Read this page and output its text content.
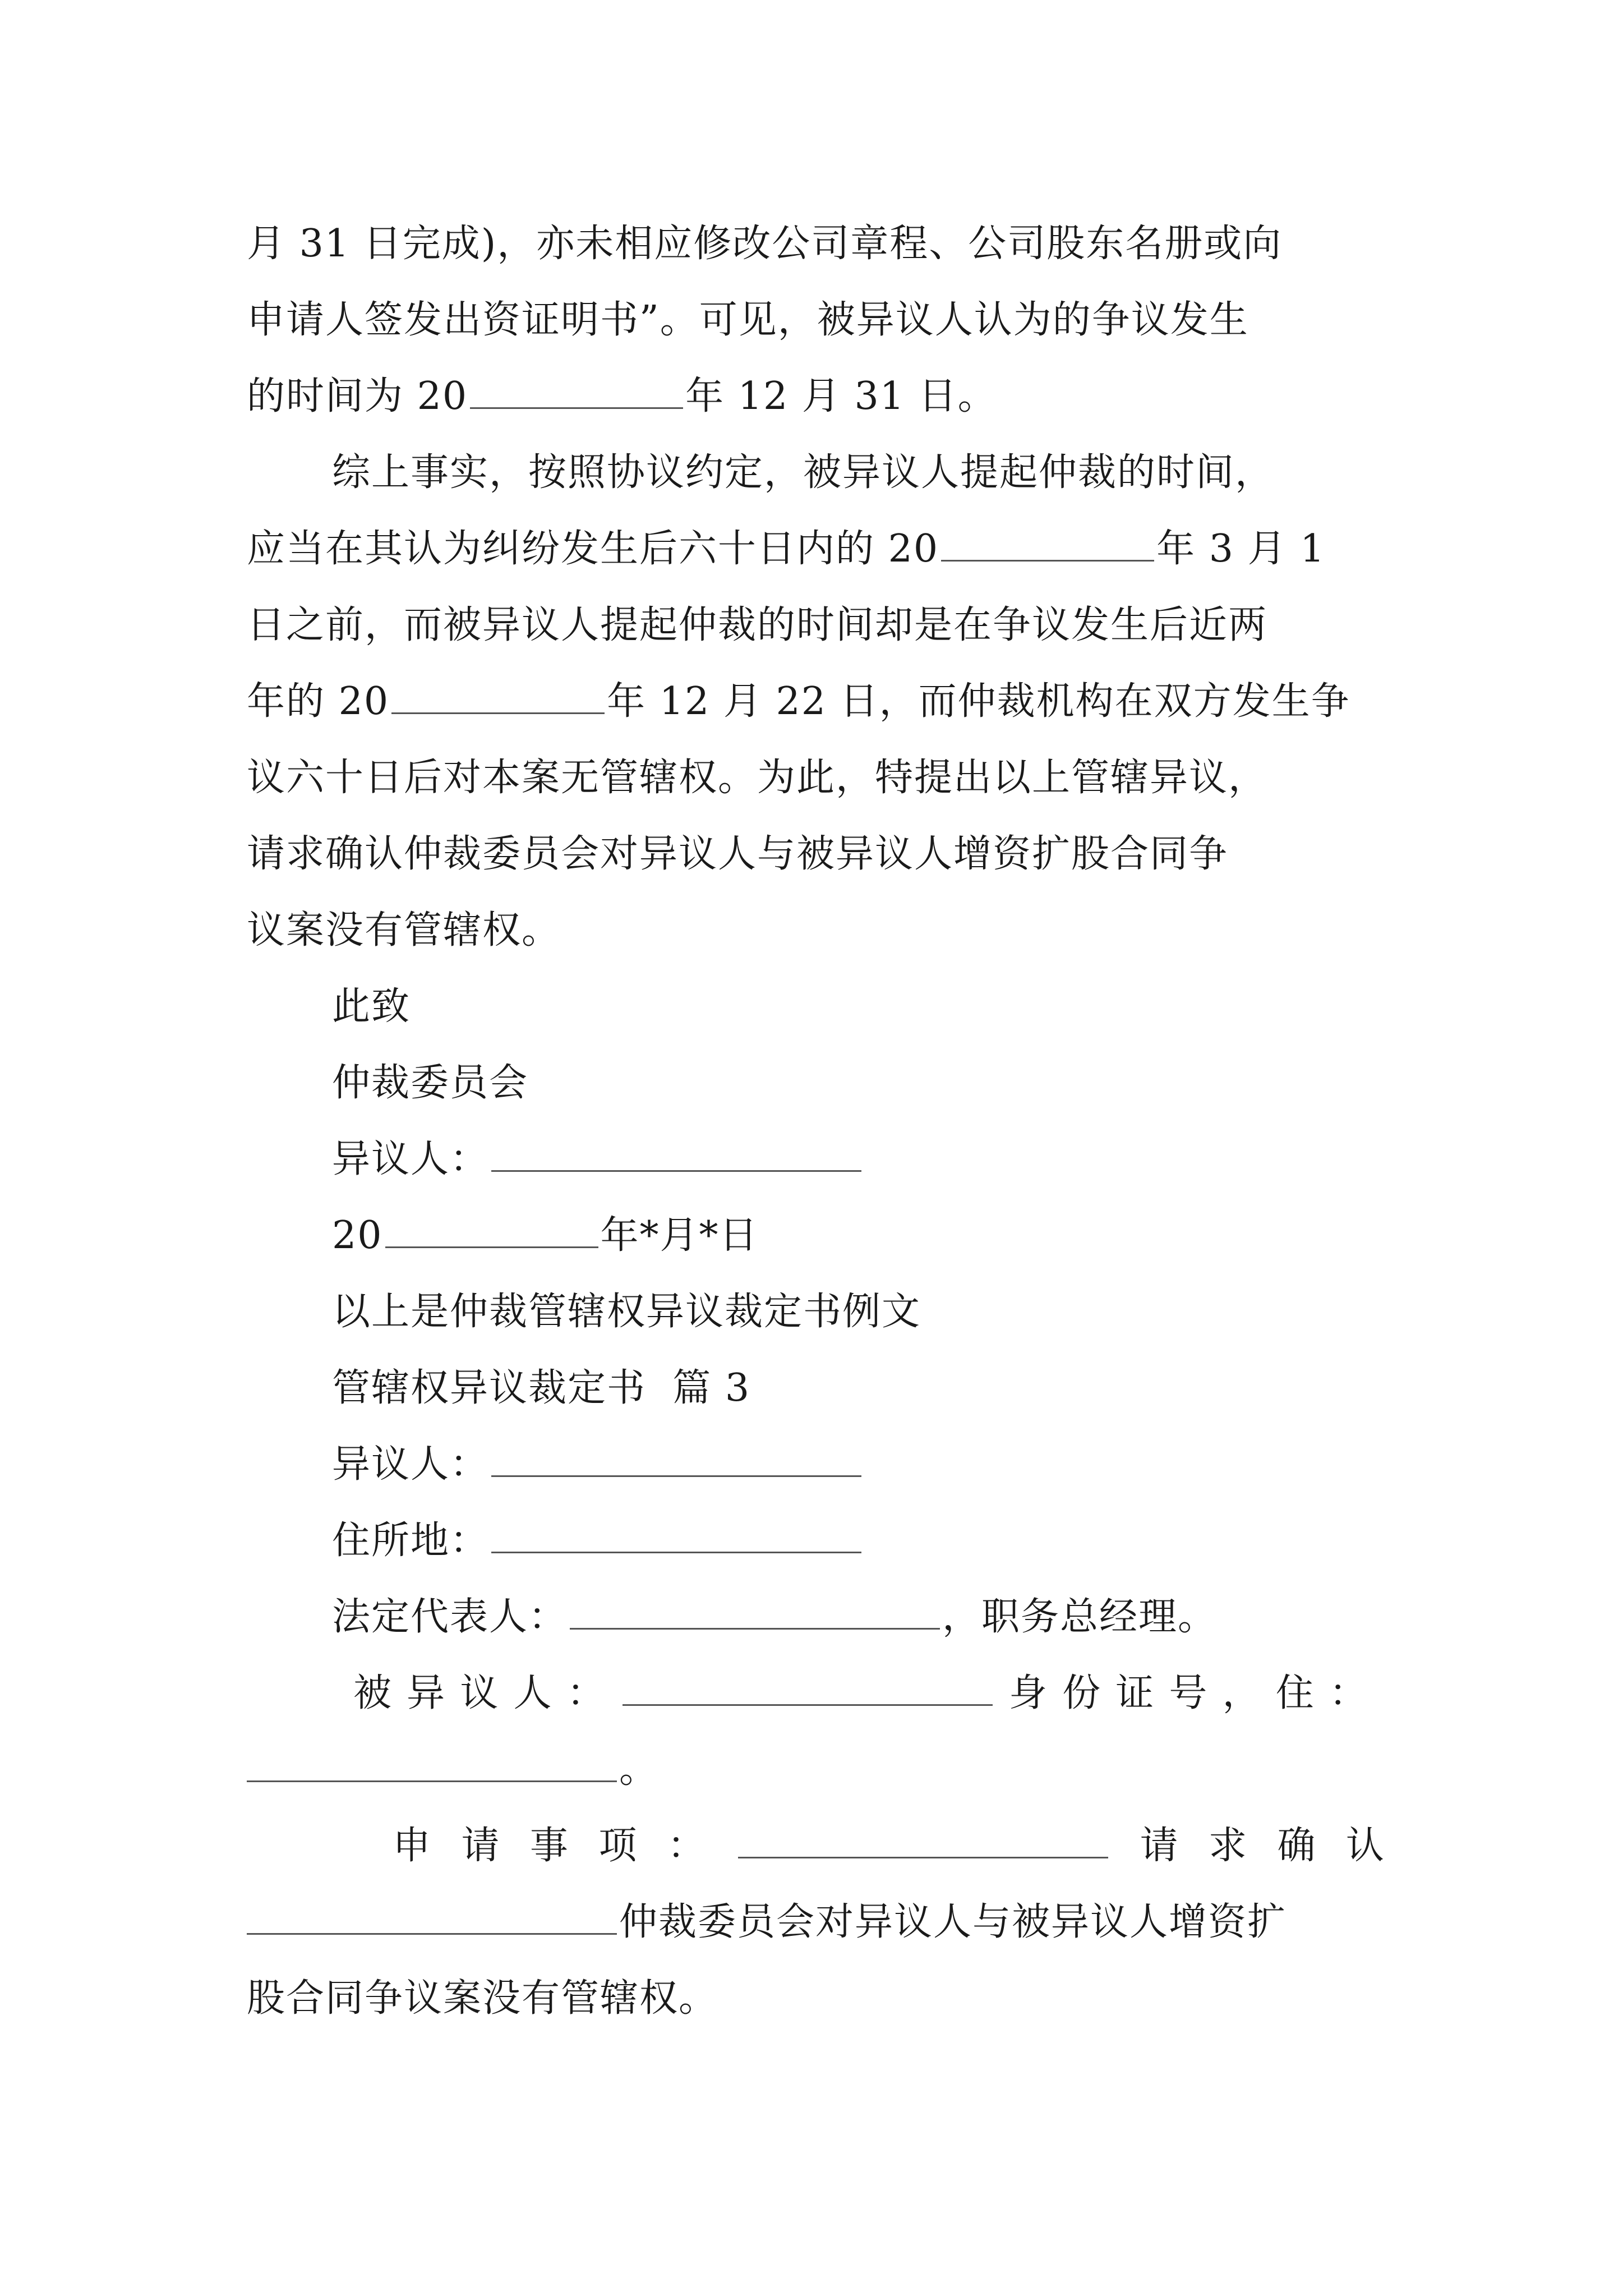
月 31 日完成)，亦未相应修改公司章程、公司股东名册或向
申请人签发出资证明书”。可见，被异议人认为的争议发生
的时间为 20	年 12 月 31 日。
综上事实，按照协议约定，被异议人提起仲裁的时间，
应当在其认为纠纷发生后六十日内的 20	年 3 月 1
日之前，而被异议人提起仲裁的时间却是在争议发生后近两
年的 20	年 12 月 22 日，而仲裁机构在双方发生争
议六十日后对本案无管辖权。为此，特提出以上管辖异议，
请求确认仲裁委员会对异议人与被异议人增资扩股合同争
议案没有管辖权。
此致
仲裁委员会
异议人：
20	年*月*日
以上是仲裁管辖权异议裁定书例文
管辖权异议裁定书  篇 3
异议人：
住所地：
法定代表人：	，职务总经理。
被 异 议 人 ：	身 份 证 号 ， 住 ：
。
申 请 事 项 ：	请 求 确 认
仲裁委员会对异议人与被异议人增资扩
股合同争议案没有管辖权。
